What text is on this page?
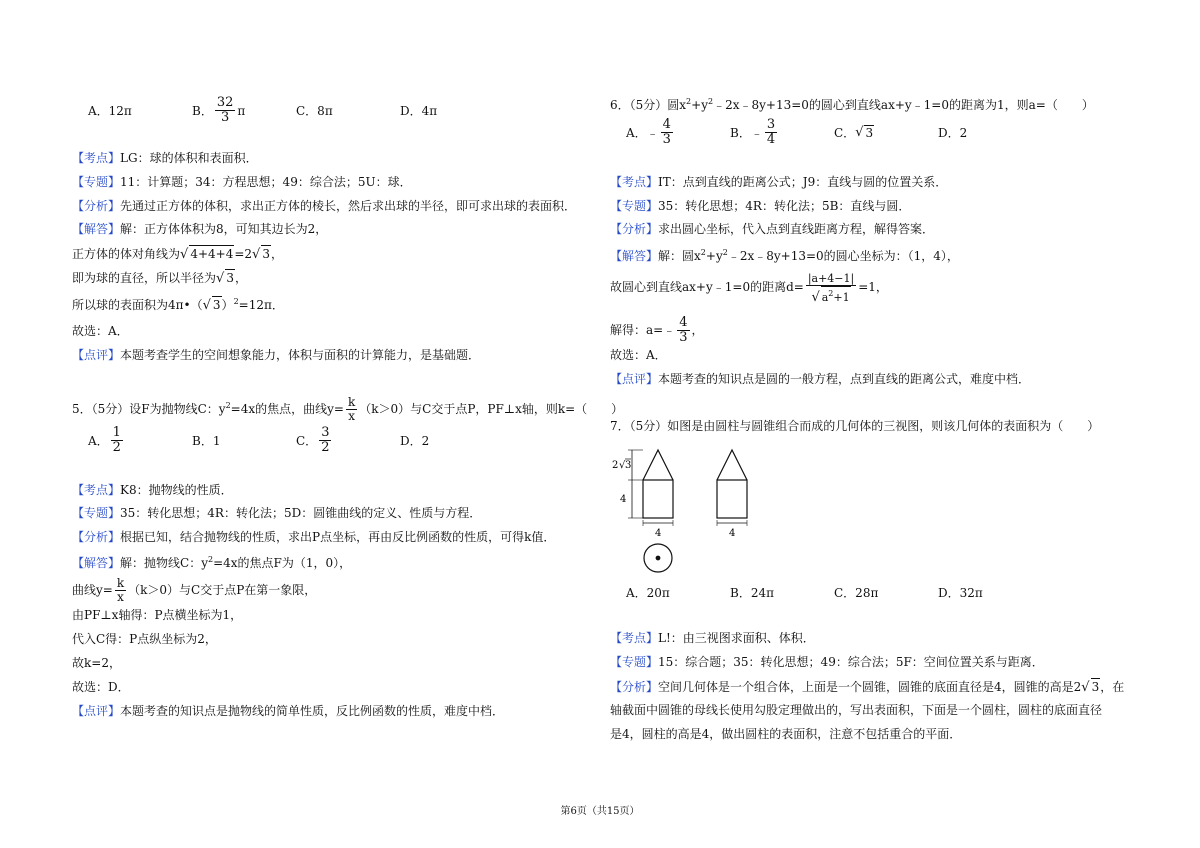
A．12π	B． $\frac{32}{3}$ π	C．8π	D．4π
【考点】LG：球的体积和表面积．
【专题】11：计算题；34：方程思想；49：综合法；5U：球．
【分析】先通过正方体的体积，求出正方体的棱长，然后求出球的半径，即可求出球的表面积．
【解答】解：正方体体积为8，可知其边长为2，
正方体的体对角线为√ 4+4+4=2√ 3，
即为球的直径，所以半径为√ 3，
所以球的表面积为4π•（√ 3）$^2$=12π．
故选：A．
【点评】本题考查学生的空间想象能力，体积与面积的计算能力，是基础题．
5．（5分）设F为抛物线C：$y^2=4x$的焦点，曲线$y= \frac{k}{x} (k>0)$与C交于点P，PF⊥x轴，则k=（　　）
A． $\frac{1}{2}$	B．1	C． $\frac{3}{2}$	D．2
【考点】K8：抛物线的性质．
【专题】35：转化思想；4R：转化法；5D：圆锥曲线的定义、性质与方程．
【分析】根据已知，结合抛物线的性质，求出P点坐标，再由反比例函数的性质，可得k值．
【解答】解：抛物线C：$y^2=4x$的焦点F为（1，0），
曲线$y= \frac{k}{x} (k>0)$与C交于点P在第一象限，
由PF⊥x轴得：P点横坐标为1，
代入C得：P点纵坐标为2，
故k=2，
故选：D．
【点评】本题考查的知识点是抛物线的简单性质，反比例函数的性质，难度中档．
6．（5分）圆$x^2+y^2﹣2x﹣8y+13=0$的圆心到直线ax+y﹣1=0的距离为1，则a=（　　）
A．﹣ $\frac{4}{3}$	B．﹣ $\frac{3}{4}$	C． √ 3	D．2
【考点】IT：点到直线的距离公式；J9：直线与圆的位置关系．
【专题】35：转化思想；4R：转化法；5B：直线与圆．
【分析】求出圆心坐标，代入点到直线距离方程，解得答案．
【解答】解：圆$x^2+y^2﹣2x﹣8y+13=0$的圆心坐标为：（1，4），
故圆心到直线ax+y﹣1=0的距离$d= \frac{|a+4-1|}{√ a^2+1} =1$，
解得：a=﹣ $\frac{4}{3}$ ，
故选：A．
【点评】本题考查的知识点是圆的一般方程，点到直线的距离公式，难度中档．
7．（5分）如图是由圆柱与圆锥组合而成的几何体的三视图，则该几何体的表面积为（　　）
A．20π	B．24π	C．28π	D．32π
【考点】L!：由三视图求面积、体积．
【专题】15：综合题；35：转化思想；49：综合法；5F：空间位置关系与距离．
【分析】空间几何体是一个组合体，上面是一个圆锥，圆锥的底面直径是4，圆锥的高是2√ 3，在
轴截面中圆锥的母线长使用勾股定理做出的，写出表面积，下面是一个圆柱，圆柱的底面直径
是4，圆柱的高是4，做出圆柱的表面积，注意不包括重合的平面．
2 √ 3
4
4	4
第6页（共15页）
